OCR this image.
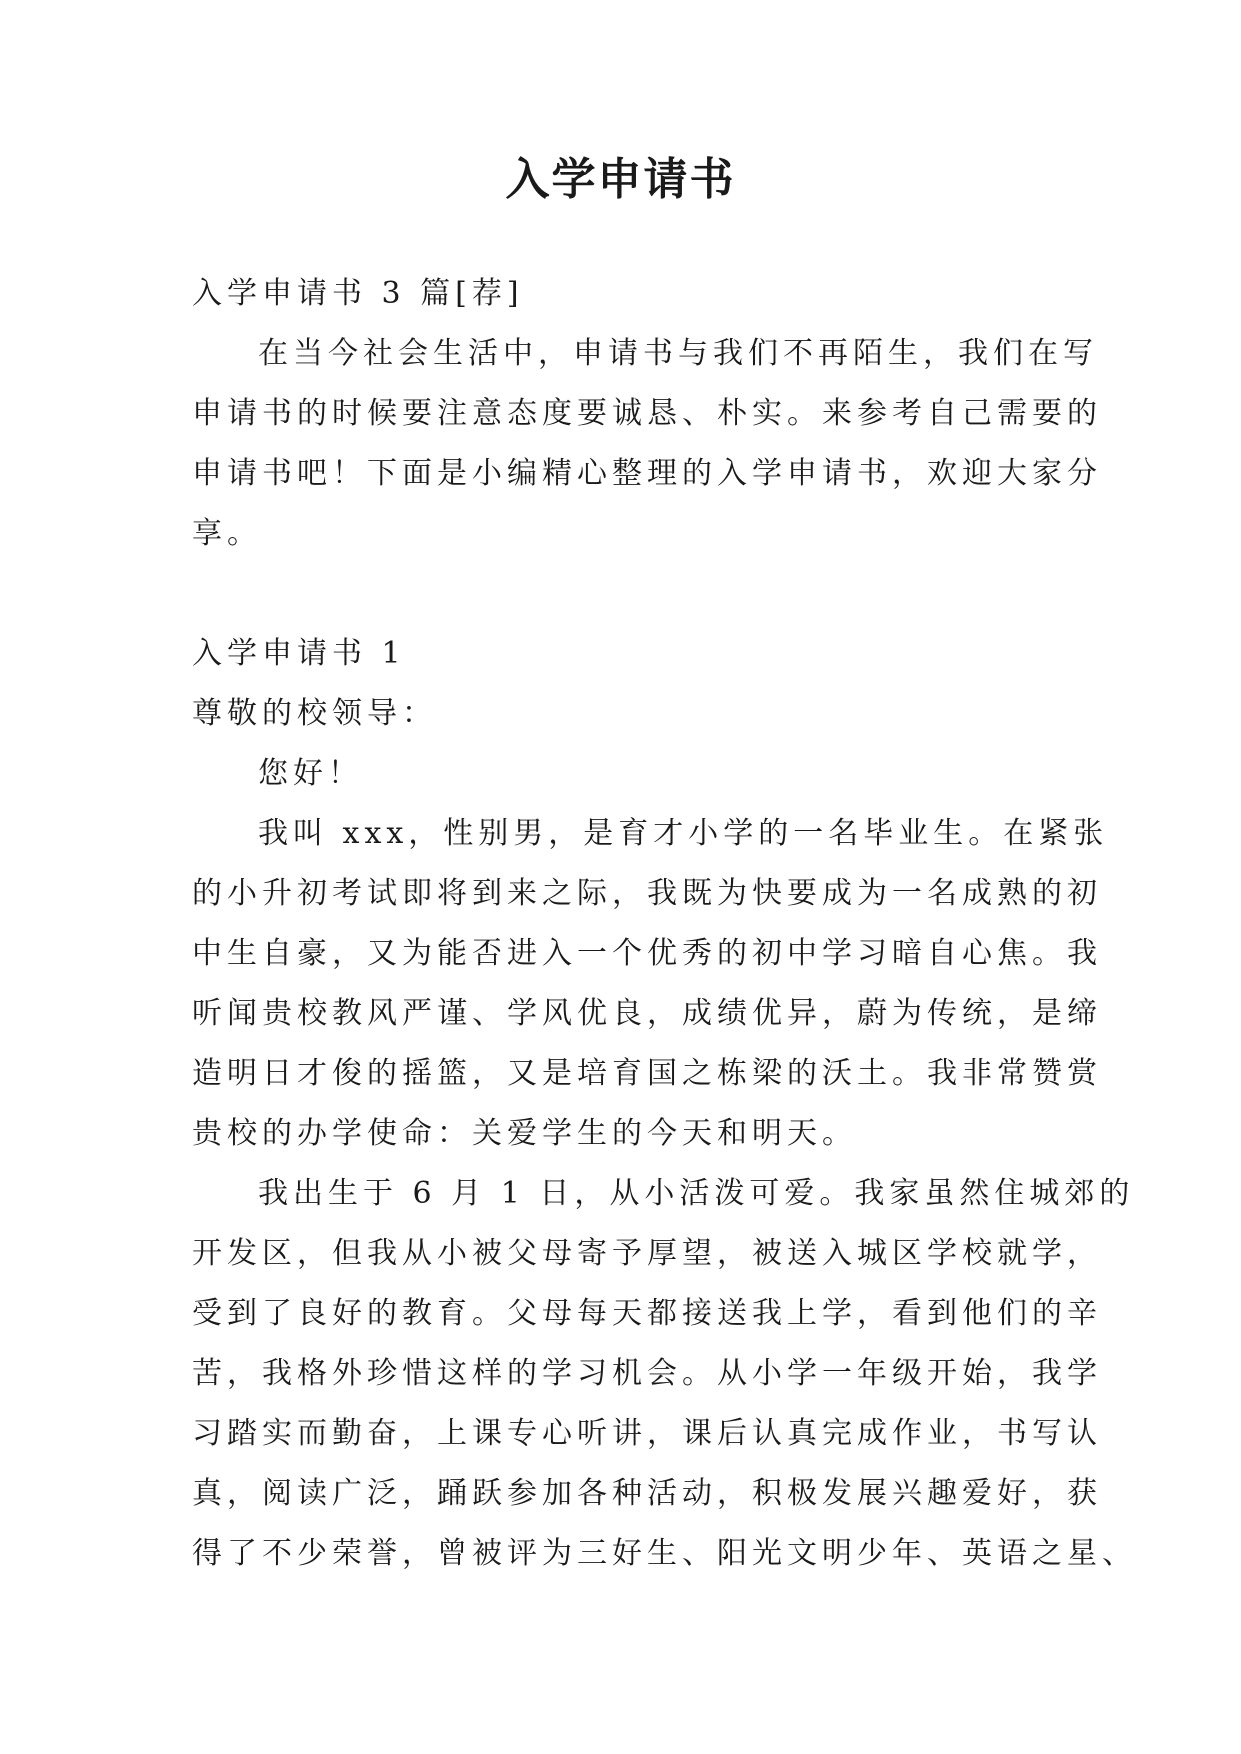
入学申请书

入学申请书 3 篇[荐]

在当今社会生活中，申请书与我们不再陌生，我们在写
申请书的时候要注意态度要诚恳、朴实。来参考自己需要的
申请书吧！下面是小编精心整理的入学申请书，欢迎大家分
享。

入学申请书 1

尊敬的校领导：

您好！

我叫 xxx，性别男，是育才小学的一名毕业生。在紧张
的小升初考试即将到来之际，我既为快要成为一名成熟的初
中生自豪，又为能否进入一个优秀的初中学习暗自心焦。我
听闻贵校教风严谨、学风优良，成绩优异，蔚为传统，是缔
造明日才俊的摇篮，又是培育国之栋梁的沃土。我非常赞赏
贵校的办学使命：关爱学生的今天和明天。

我出生于 6 月 1 日，从小活泼可爱。我家虽然住城郊的
开发区，但我从小被父母寄予厚望，被送入城区学校就学，
受到了良好的教育。父母每天都接送我上学，看到他们的辛
苦，我格外珍惜这样的学习机会。从小学一年级开始，我学
习踏实而勤奋，上课专心听讲，课后认真完成作业，书写认
真，阅读广泛，踊跃参加各种活动，积极发展兴趣爱好，获
得了不少荣誉，曾被评为三好生、阳光文明少年、英语之星、
